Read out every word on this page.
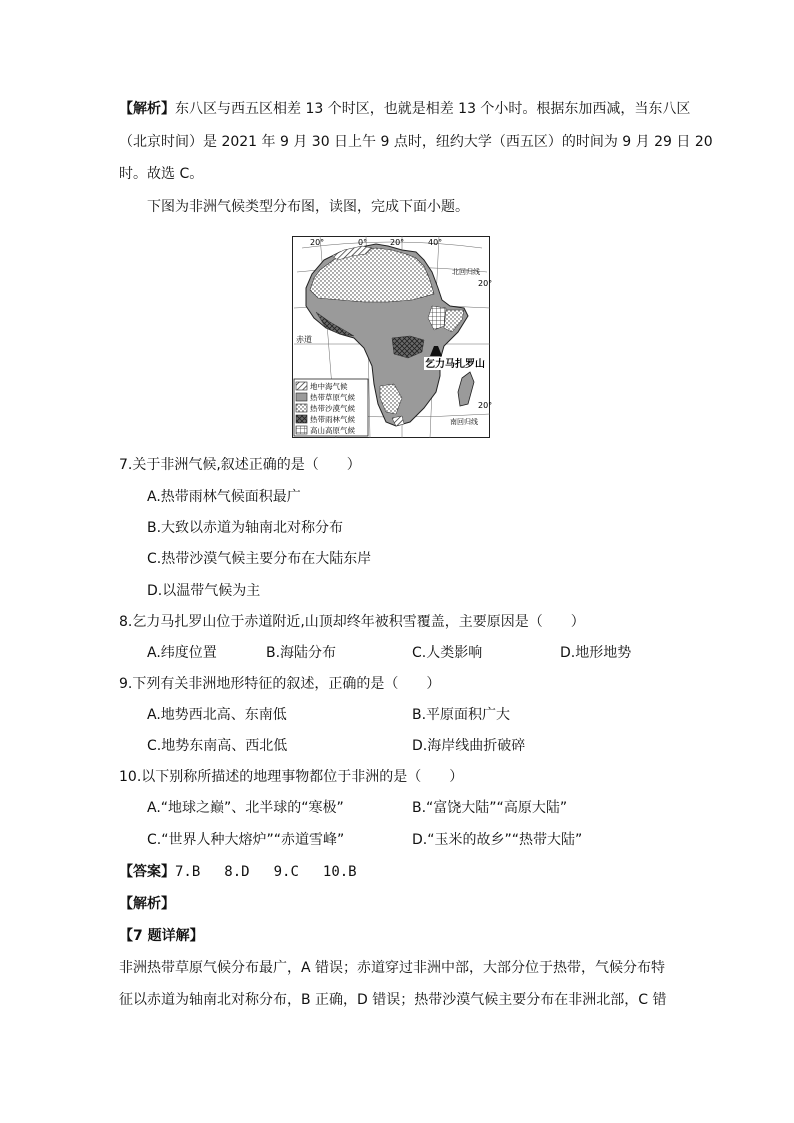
【解析】东八区与西五区相差 13 个时区，也就是相差 13 个小时。根据东加西减，当东八区
（北京时间）是 2021 年 9 月 30 日上午 9 点时，纽约大学（西五区）的时间为 9 月 29 日 20
时。故选 C。
下图为非洲气候类型分布图，读图，完成下面小题。
20°	0°	20°	40°
20°
20°
赤道
北回归线
南回归线
乞力马扎罗山
地中海气候
热带草原气候
热带沙漠气候
热带雨林气候
高山高原气候
7.关于非洲气候,叙述正确的是（　　）
A.热带雨林气候面积最广
B.大致以赤道为轴南北对称分布
C.热带沙漠气候主要分布在大陆东岸
D.以温带气候为主
8.乞力马扎罗山位于赤道附近,山顶却终年被积雪覆盖，主要原因是（　　）
A.纬度位置	B.海陆分布	C.人类影响	D.地形地势
9.下列有关非洲地形特征的叙述，正确的是（　　）
A.地势西北高、东南低	B.平原面积广大
C.地势东南高、西北低	D.海岸线曲折破碎
10.以下别称所描述的地理事物都位于非洲的是（　　）
A.“地球之巅”、北半球的“寒极”	B.“富饶大陆”“高原大陆”
C.“世界人种大熔炉”“赤道雪峰”	D.“玉米的故乡”“热带大陆”
【答案】7.B 8.D 9.C 10.B
【解析】
【7 题详解】
非洲热带草原气候分布最广，A 错误；赤道穿过非洲中部，大部分位于热带，气候分布特
征以赤道为轴南北对称分布，B 正确，D 错误；热带沙漠气候主要分布在非洲北部，C 错
